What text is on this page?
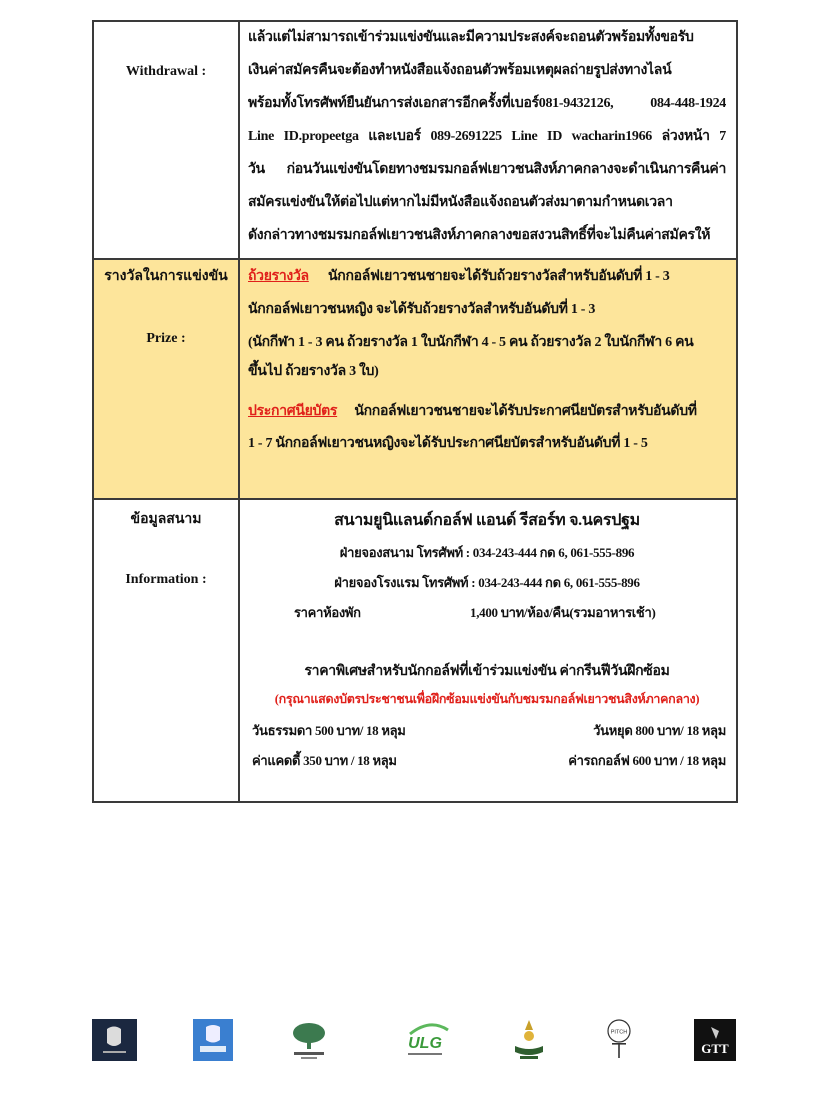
Withdrawal :
แล้วแต่ไม่สามารถเข้าร่วมแข่งขันและมีความประสงค์จะถอนตัวพร้อมทั้งขอรับ
เงินค่าสมัครคืนจะต้องทำหนังสือแจ้งถอนตัวพร้อมเหตุผลถ่ายรูปส่งทางไลน์
พร้อมทั้งโทรศัพท์ยืนยันการส่งเอกสารอีกครั้งที่เบอร์081-9432126, 084-448-1924
Line ID.propeetga และเบอร์ 089-2691225 Line ID wacharin1966 ล่วงหน้า 7
วัน ก่อนวันแข่งขันโดยทางชมรมกอล์ฟเยาวชนสิงห์ภาคกลางจะดำเนินการคืนค่า
สมัครแข่งขันให้ต่อไปแต่หากไม่มีหนังสือแจ้งถอนตัวส่งมาตามกำหนดเวลา
ดังกล่าวทางชมรมกอล์ฟเยาวชนสิงห์ภาคกลางขอสงวนสิทธิ์ที่จะไม่คืนค่าสมัครให้
รางวัลในการแข่งขัน
Prize :
ถ้วยรางวัล นักกอล์ฟเยาวชนชายจะได้รับถ้วยรางวัลสำหรับอันดับที่ 1 - 3
นักกอล์ฟเยาวชนหญิง จะได้รับถ้วยรางวัลสำหรับอันดับที่ 1 - 3
(นักกีฬา 1 - 3 คน ถ้วยรางวัล 1 ใบนักกีฬา 4 - 5 คน ถ้วยรางวัล 2 ใบนักกีฬา 6 คน
ขึ้นไป ถ้วยรางวัล 3 ใบ)
ประกาศนียบัตร นักกอล์ฟเยาวชนชายจะได้รับประกาศนียบัตรสำหรับอันดับที่
1 - 7 นักกอล์ฟเยาวชนหญิงจะได้รับประกาศนียบัตรสำหรับอันดับที่ 1 - 5
ข้อมูลสนาม
Information :
สนามยูนิแลนด์กอล์ฟ แอนด์ รีสอร์ท จ.นครปฐม
ฝ่ายจองสนาม โทรศัพท์ : 034-243-444 กด 6, 061-555-896
ฝ่ายจองโรงแรม โทรศัพท์ : 034-243-444 กด 6, 061-555-896
ราคาห้องพัก	1,400 บาท/ห้อง/คืน(รวมอาหารเช้า)
ราคาพิเศษสำหรับนักกอล์ฟที่เข้าร่วมแข่งขัน ค่ากรีนฟีวันฝึกซ้อม
(กรุณาแสดงบัตรประชาชนเพื่อฝึกซ้อมแข่งขันกับชมรมกอล์ฟเยาวชนสิงห์ภาคกลาง)
วันธรรมดา 500 บาท/ 18 หลุม	วันหยุด 800 บาท/ 18 หลุม
ค่าแคดดี้ 350 บาท / 18 หลุม	ค่ารถกอล์ฟ 600 บาท / 18 หลุม
ULG
PITCH
GTT
